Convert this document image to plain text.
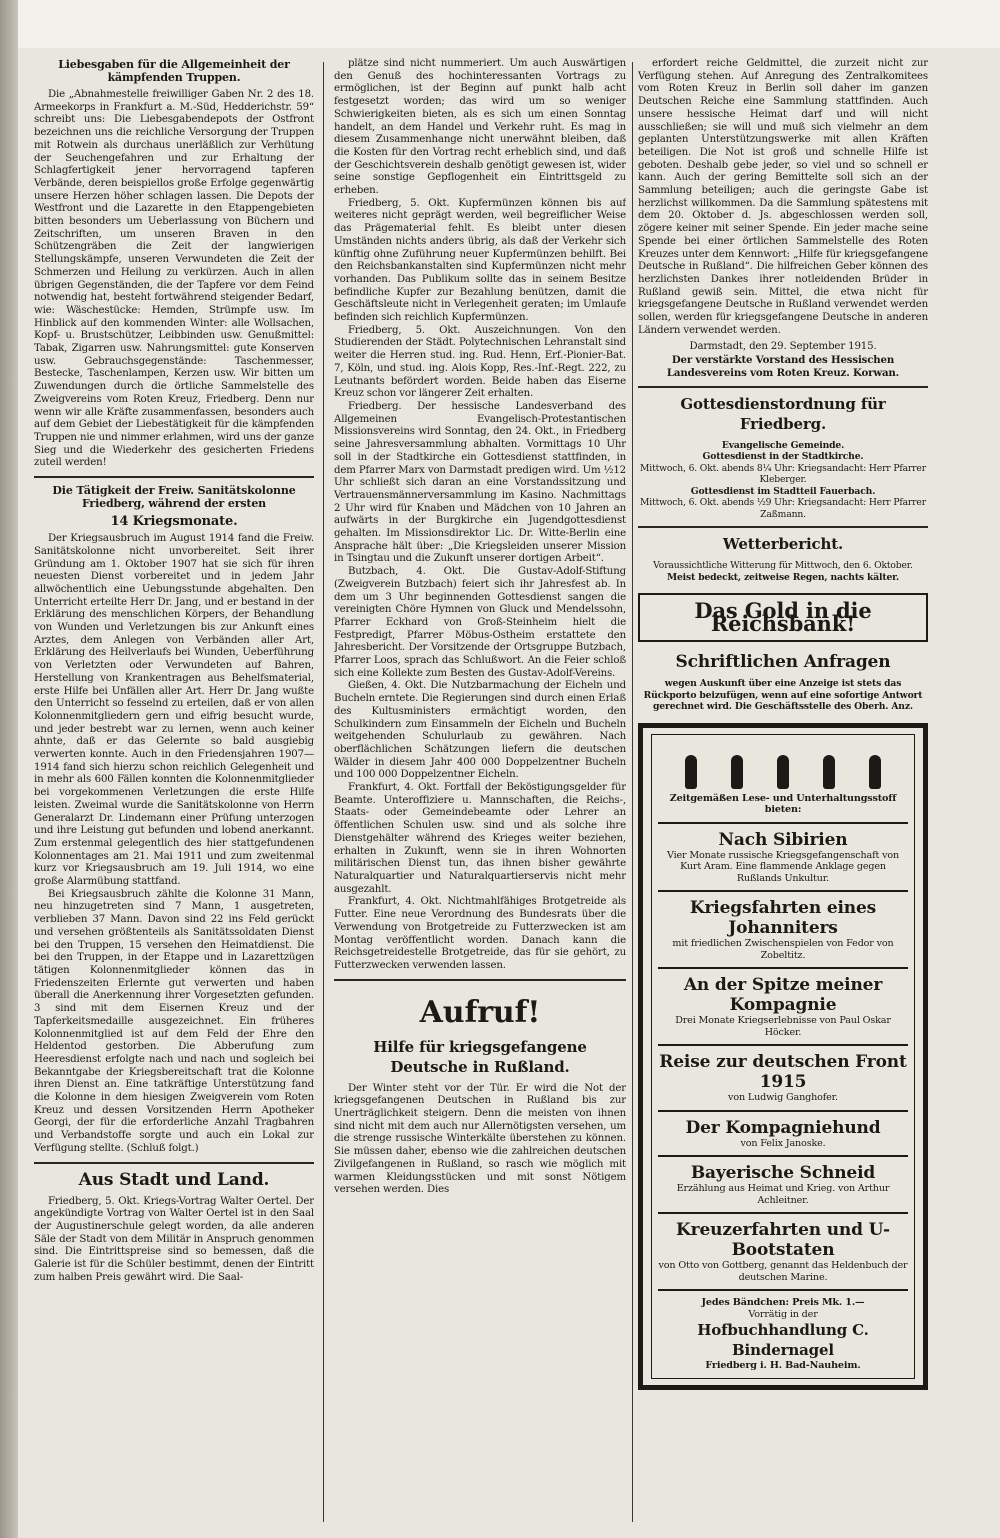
Liebesgaben für die Allgemeinheit der kämpfenden Truppen.

Die „Abnahmestelle freiwilliger Gaben Nr. 2 des 18. Armeekorps in Frankfurt a. M.-Süd, Hedderichstr. 59“ schreibt uns: Die Liebesgabendepots der Ostfront bezeichnen uns die reichliche Versorgung der Truppen mit Rotwein als durchaus unerläßlich zur Verhütung der Seuchengefahren und zur Erhaltung der Schlagfertigkeit jener hervorragend tapferen Verbände, deren beispiellos große Erfolge gegenwärtig unsere Herzen höher schlagen lassen. Die Depots der Westfront und die Lazarette in den Etappengebieten bitten besonders um Ueberlassung von Büchern und Zeitschriften, um unseren Braven in den Schützengräben die Zeit der langwierigen Stellungskämpfe, unseren Verwundeten die Zeit der Schmerzen und Heilung zu verkürzen. Auch in allen übrigen Gegenständen, die der Tapfere vor dem Feind notwendig hat, besteht fortwährend steigender Bedarf, wie: Wäschestücke: Hemden, Strümpfe usw. Im Hinblick auf den kommenden Winter: alle Wollsachen, Kopf- u. Brustschützer, Leibbinden usw. Genußmittel: Tabak, Zigarren usw. Nahrungsmittel: gute Konserven usw. Gebrauchsgegenstände: Taschenmesser, Bestecke, Taschenlampen, Kerzen usw. Wir bitten um Zuwendungen durch die örtliche Sammelstelle des Zweigvereins vom Roten Kreuz, Friedberg. Denn nur wenn wir alle Kräfte zusammenfassen, besonders auch auf dem Gebiet der Liebestätigkeit für die kämpfenden Truppen nie und nimmer erlahmen, wird uns der ganze Sieg und die Wiederkehr des gesicherten Friedens zuteil werden!

Die Tätigkeit der Freiw. Sanitätskolonne Friedberg, während der ersten
14 Kriegsmonate.

Der Kriegsausbruch im August 1914 fand die Freiw. Sanitätskolonne nicht unvorbereitet. Seit ihrer Gründung am 1. Oktober 1907 hat sie sich für ihren neuesten Dienst vorbereitet und in jedem Jahr allwöchentlich eine Uebungsstunde abgehalten. Den Unterricht erteilte Herr Dr. Jang, und er bestand in der Erklärung des menschlichen Körpers, der Behandlung von Wunden und Verletzungen bis zur Ankunft eines Arztes, dem Anlegen von Verbänden aller Art, Erklärung des Heilverlaufs bei Wunden, Ueberführung von Verletzten oder Verwundeten auf Bahren, Herstellung von Krankentragen aus Behelfsmaterial, erste Hilfe bei Unfällen aller Art. Herr Dr. Jang wußte den Unterricht so fesselnd zu erteilen, daß er von allen Kolonnenmitgliedern gern und eifrig besucht wurde, und jeder bestrebt war zu lernen, wenn auch keiner ahnte, daß er das Gelernte so bald ausgiebig verwerten konnte. Auch in den Friedensjahren 1907—1914 fand sich hierzu schon reichlich Gelegenheit und in mehr als 600 Fällen konnten die Kolonnenmitglieder bei vorgekommenen Verletzungen die erste Hilfe leisten. Zweimal wurde die Sanitätskolonne von Herrn Generalarzt Dr. Lindemann einer Prüfung unterzogen und ihre Leistung gut befunden und lobend anerkannt. Zum erstenmal gelegentlich des hier stattgefundenen Kolonnentages am 21. Mai 1911 und zum zweitenmal kurz vor Kriegsausbruch am 19. Juli 1914, wo eine große Alarmübung stattfand.

Bei Kriegsausbruch zählte die Kolonne 31 Mann, neu hinzugetreten sind 7 Mann, 1 ausgetreten, verblieben 37 Mann. Davon sind 22 ins Feld gerückt und versehen größtenteils als Sanitätssoldaten Dienst bei den Truppen, 15 versehen den Heimatdienst. Die bei den Truppen, in der Etappe und in Lazarettzügen tätigen Kolonnenmitglieder können das in Friedenszeiten Erlernte gut verwerten und haben überall die Anerkennung ihrer Vorgesetzten gefunden. 3 sind mit dem Eisernen Kreuz und der Tapferkeitsmedaille ausgezeichnet. Ein früheres Kolonnenmitglied ist auf dem Feld der Ehre den Heldentod gestorben. Die Abberufung zum Heeresdienst erfolgte nach und nach und sogleich bei Bekanntgabe der Kriegsbereitschaft trat die Kolonne ihren Dienst an. Eine tatkräftige Unterstützung fand die Kolonne in dem hiesigen Zweigverein vom Roten Kreuz und dessen Vorsitzenden Herrn Apotheker Georgi, der für die erforderliche Anzahl Tragbahren und Verbandstoffe sorgte und auch ein Lokal zur Verfügung stellte. (Schluß folgt.)

Aus Stadt und Land.

Friedberg, 5. Okt. Kriegs-Vortrag Walter Oertel. Der angekündigte Vortrag von Walter Oertel ist in den Saal der Augustinerschule gelegt worden, da alle anderen Säle der Stadt von dem Militär in Anspruch genommen sind. Die Eintrittspreise sind so bemessen, daß die Galerie ist für die Schüler bestimmt, denen der Eintritt zum halben Preis gewährt wird. Die Saal-

plätze sind nicht nummeriert. Um auch Auswärtigen den Genuß des hochinteressanten Vortrags zu ermöglichen, ist der Beginn auf punkt halb acht festgesetzt worden; das wird um so weniger Schwierigkeiten bieten, als es sich um einen Sonntag handelt, an dem Handel und Verkehr ruht. Es mag in diesem Zusammenhange nicht unerwähnt bleiben, daß die Kosten für den Vortrag recht erheblich sind, und daß der Geschichtsverein deshalb genötigt gewesen ist, wider seine sonstige Gepflogenheit ein Eintrittsgeld zu erheben.

Friedberg, 5. Okt. Kupfermünzen können bis auf weiteres nicht geprägt werden, weil begreiflicher Weise das Prägematerial fehlt. Es bleibt unter diesen Umständen nichts anders übrig, als daß der Verkehr sich künftig ohne Zuführung neuer Kupfermünzen behilft. Bei den Reichsbankanstalten sind Kupfermünzen nicht mehr vorhanden. Das Publikum sollte das in seinem Besitze befindliche Kupfer zur Bezahlung benützen, damit die Geschäftsleute nicht in Verlegenheit geraten; im Umlaufe befinden sich reichlich Kupfermünzen.

Friedberg, 5. Okt. Auszeichnungen. Von den Studierenden der Städt. Polytechnischen Lehranstalt sind weiter die Herren stud. ing. Rud. Henn, Erf.-Pionier-Bat. 7, Köln, und stud. ing. Alois Kopp, Res.-Inf.-Regt. 222, zu Leutnants befördert worden. Beide haben das Eiserne Kreuz schon vor längerer Zeit erhalten.

Friedberg. Der hessische Landesverband des Allgemeinen Evangelisch-Protestantischen Missionsvereins wird Sonntag, den 24. Okt., in Friedberg seine Jahresversammlung abhalten. Vormittags 10 Uhr soll in der Stadtkirche ein Gottesdienst stattfinden, in dem Pfarrer Marx von Darmstadt predigen wird. Um ½12 Uhr schließt sich daran an eine Vorstandssitzung und Vertrauensmännerversammlung im Kasino. Nachmittags 2 Uhr wird für Knaben und Mädchen von 10 Jahren an aufwärts in der Burgkirche ein Jugendgottesdienst gehalten. Im Missionsdirektor Lic. Dr. Witte-Berlin eine Ansprache hält über: „Die Kriegsleiden unserer Mission in Tsingtau und die Zukunft unserer dortigen Arbeit“.

Butzbach, 4. Okt. Die Gustav-Adolf-Stiftung (Zweigverein Butzbach) feiert sich ihr Jahresfest ab. In dem um 3 Uhr beginnenden Gottesdienst sangen die vereinigten Chöre Hymnen von Gluck und Mendelssohn, Pfarrer Eckhard von Groß-Steinheim hielt die Festpredigt, Pfarrer Möbus-Ostheim erstattete den Jahresbericht. Der Vorsitzende der Ortsgruppe Butzbach, Pfarrer Loos, sprach das Schlußwort. An die Feier schloß sich eine Kollekte zum Besten des Gustav-Adolf-Vereins.

Gießen, 4. Okt. Die Nutzbarmachung der Eicheln und Bucheln erntete. Die Regierungen sind durch einen Erlaß des Kultusministers ermächtigt worden, den Schulkindern zum Einsammeln der Eicheln und Bucheln weitgehenden Schulurlaub zu gewähren. Nach oberflächlichen Schätzungen liefern die deutschen Wälder in diesem Jahr 400 000 Doppelzentner Bucheln und 100 000 Doppelzentner Eicheln.

Frankfurt, 4. Okt. Fortfall der Beköstigungsgelder für Beamte. Unteroffiziere u. Mannschaften, die Reichs-, Staats- oder Gemeindebeamte oder Lehrer an öffentlichen Schulen usw. sind und als solche ihre Dienstgehälter während des Krieges weiter beziehen, erhalten in Zukunft, wenn sie in ihren Wohnorten militärischen Dienst tun, das ihnen bisher gewährte Naturalquartier und Naturalquartierservis nicht mehr ausgezahlt.

Frankfurt, 4. Okt. Nichtmahlfähiges Brotgetreide als Futter. Eine neue Verordnung des Bundesrats über die Verwendung von Brotgetreide zu Futterzwecken ist am Montag veröffentlicht worden. Danach kann die Reichsgetreidestelle Brotgetreide, das für sie gehört, zu Futterzwecken verwenden lassen.

Aufruf!
Hilfe für kriegsgefangene Deutsche in Rußland.

Der Winter steht vor der Tür. Er wird die Not der kriegsgefangenen Deutschen in Rußland bis zur Unerträglichkeit steigern. Denn die meisten von ihnen sind nicht mit dem auch nur Allernötigsten versehen, um die strenge russische Winterkälte überstehen zu können. Sie müssen daher, ebenso wie die zahlreichen deutschen Zivilgefangenen in Rußland, so rasch wie möglich mit warmen Kleidungsstücken und mit sonst Nötigem versehen werden. Dies

erfordert reiche Geldmittel, die zurzeit nicht zur Verfügung stehen. Auf Anregung des Zentralkomitees vom Roten Kreuz in Berlin soll daher im ganzen Deutschen Reiche eine Sammlung stattfinden. Auch unsere hessische Heimat darf und will nicht ausschließen; sie will und muß sich vielmehr an dem geplanten Unterstützungswerke mit allen Kräften beteiligen. Die Not ist groß und schnelle Hilfe ist geboten. Deshalb gebe jeder, so viel und so schnell er kann. Auch der gering Bemittelte soll sich an der Sammlung beteiligen; auch die geringste Gabe ist herzlichst willkommen. Da die Sammlung spätestens mit dem 20. Oktober d. Js. abgeschlossen werden soll, zögere keiner mit seiner Spende. Ein jeder mache seine Spende bei einer örtlichen Sammelstelle des Roten Kreuzes unter dem Kennwort: „Hilfe für kriegsgefangene Deutsche in Rußland“. Die hilfreichen Geber können des herzlichsten Dankes ihrer notleidenden Brüder in Rußland gewiß sein. Mittel, die etwa nicht für kriegsgefangene Deutsche in Rußland verwendet werden sollen, werden für kriegsgefangene Deutsche in anderen Ländern verwendet werden.

Darmstadt, den 29. September 1915.
Der verstärkte Vorstand des Hessischen Landesvereins vom Roten Kreuz. Korwan.
Gottesdienstordnung für Friedberg.
Evangelische Gemeinde.
Gottesdienst in der Stadtkirche.
Mittwoch, 6. Okt. abends 8¼ Uhr: Kriegsandacht: Herr Pfarrer Kleberger.
Gottesdienst im Stadtteil Fauerbach.
Mittwoch, 6. Okt. abends ½9 Uhr: Kriegsandacht: Herr Pfarrer Zaßmann.
Wetterbericht.
Voraussichtliche Witterung für Mittwoch, den 6. Oktober.
Meist bedeckt, zeitweise Regen, nachts kälter.
Das Gold in die Reichsbank!
Schriftlichen Anfragen
wegen Auskunft über eine Anzeige ist stets das Rückporto beizufügen, wenn auf eine sofortige Antwort gerechnet wird. Die Geschäftsstelle des Oberh. Anz.
Zeitgemäßen Lese- und Unterhaltungsstoff bieten:
Nach Sibirien
Vier Monate russische Kriegsgefangenschaft von Kurt Aram. Eine flammende Anklage gegen Rußlands Unkultur.
Kriegsfahrten eines Johanniters
mit friedlichen Zwischenspielen von Fedor von Zobeltitz.
An der Spitze meiner Kompagnie
Drei Monate Kriegserlebnisse von Paul Oskar Höcker.
Reise zur deutschen Front 1915
von Ludwig Ganghofer.
Der Kompagniehund
von Felix Janoske.
Bayerische Schneid
Erzählung aus Heimat und Krieg. von Arthur Achleitner.
Kreuzerfahrten und U-Bootstaten
von Otto von Gottberg, genannt das Heldenbuch der deutschen Marine.
Jedes Bändchen: Preis Mk. 1.—
Vorrätig in der
Hofbuchhandlung C. Bindernagel
Friedberg i. H. Bad-Nauheim.
